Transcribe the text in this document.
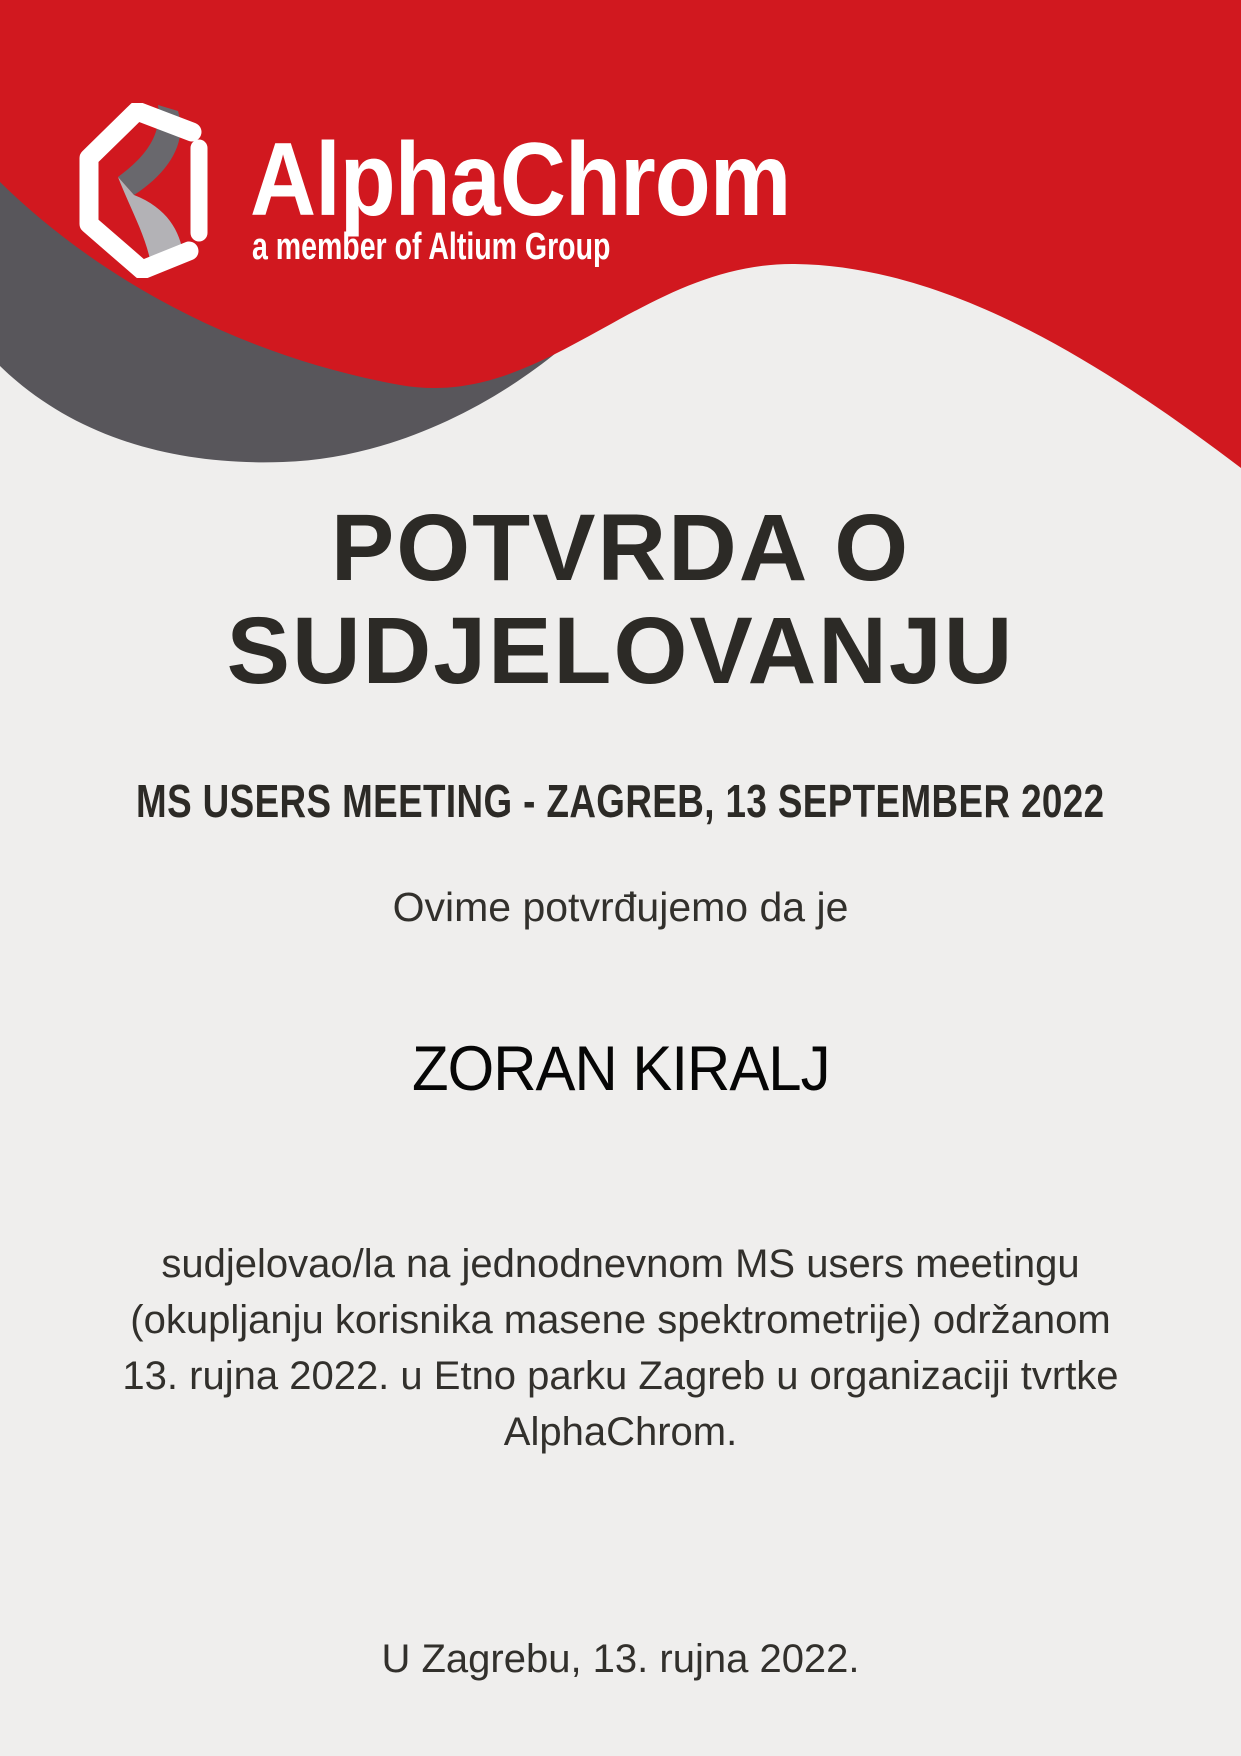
AlphaChrom
a member of Altium Group
POTVRDA O
SUDJELOVANJU
MS USERS MEETING - ZAGREB, 13 SEPTEMBER 2022
Ovime potvrđujemo da je
ZORAN KIRALJ
sudjelovao/la na jednodnevnom MS users meetingu
(okupljanju korisnika masene spektrometrije) održanom
13. rujna 2022. u Etno parku Zagreb u organizaciji tvrtke
AlphaChrom.
U Zagrebu, 13. rujna 2022.
